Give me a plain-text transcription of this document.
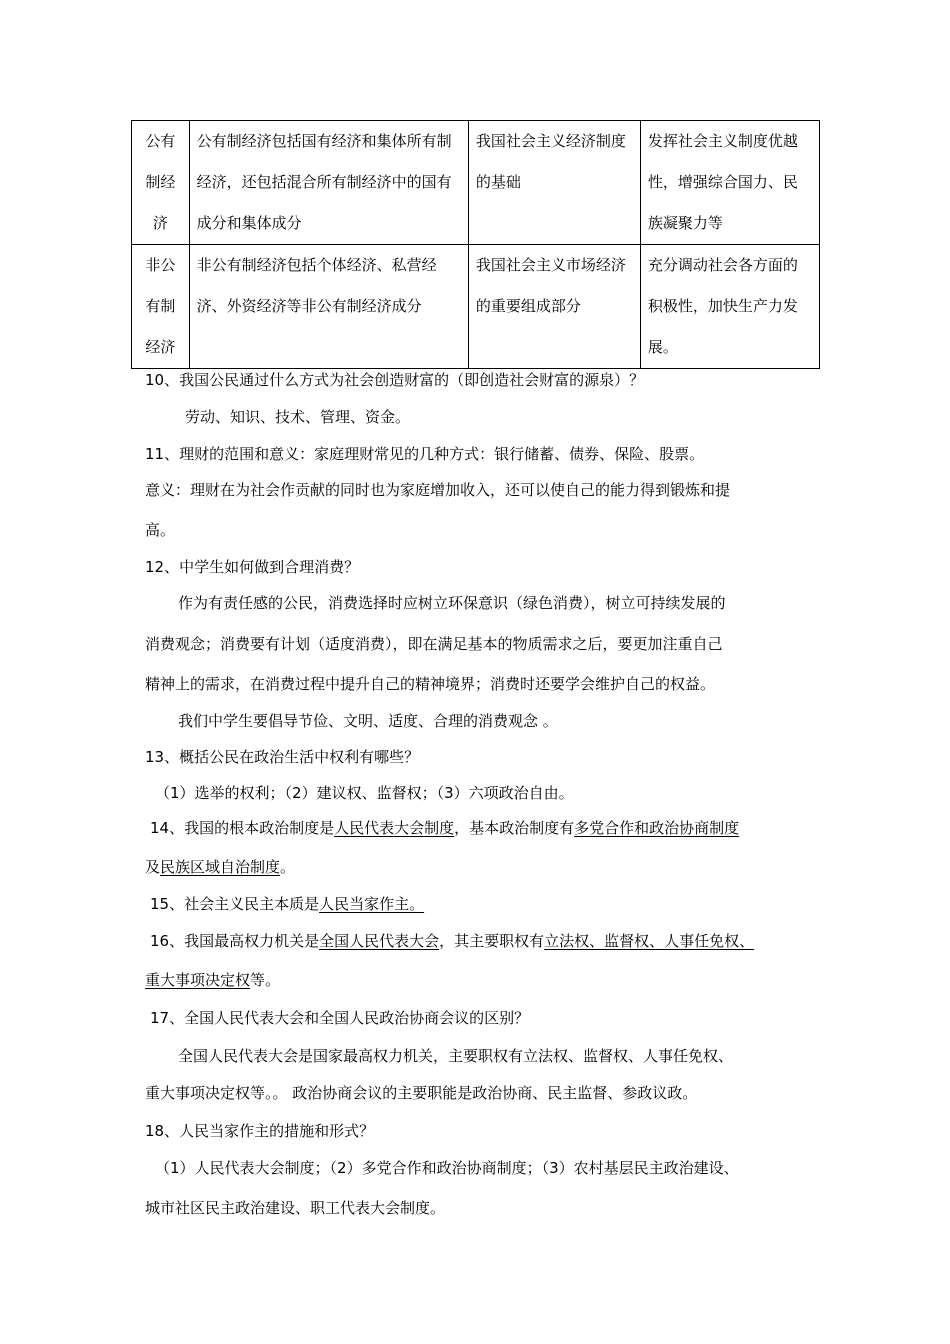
公有制经济	公有制经济包括国有经济和集体所有制经济，还包括混合所有制经济中的国有成分和集体成分	我国社会主义经济制度的基础	发挥社会主义制度优越性，增强综合国力、民族凝聚力等
非公有制经济	非公有制经济包括个体经济、私营经济、外资经济等非公有制经济成分	我国社会主义市场经济的重要组成部分	充分调动社会各方面的积极性，加快生产力发展。
10、我国公民通过什么方式为社会创造财富的（即创造社会财富的源泉）？
劳动、知识、技术、管理、资金。
11、理财的范围和意义：家庭理财常见的几种方式：银行储蓄、债券、保险、股票。
意义：理财在为社会作贡献的同时也为家庭增加收入，还可以使自己的能力得到锻炼和提
高。
12、中学生如何做到合理消费？
作为有责任感的公民，消费选择时应树立环保意识（绿色消费），树立可持续发展的
消费观念；消费要有计划（适度消费），即在满足基本的物质需求之后，要更加注重自己
精神上的需求，在消费过程中提升自己的精神境界；消费时还要学会维护自己的权益。
我们中学生要倡导节俭、文明、适度、合理的消费观念 。
13、概括公民在政治生活中权利有哪些？
（1）选举的权利；（2）建议权、监督权；（3）六项政治自由。
14、我国的根本政治制度是人民代表大会制度，基本政治制度有多党合作和政治协商制度
及民族区域自治制度。
15、社会主义民主本质是人民当家作主。
16、我国最高权力机关是全国人民代表大会，其主要职权有立法权、监督权、人事任免权、
重大事项决定权等。
17、全国人民代表大会和全国人民政治协商会议的区别？
全国人民代表大会是国家最高权力机关，主要职权有立法权、监督权、人事任免权、
重大事项决定权等。。 政治协商会议的主要职能是政治协商、民主监督、参政议政。
18、人民当家作主的措施和形式？
（1）人民代表大会制度；（2）多党合作和政治协商制度；（3）农村基层民主政治建设、
城市社区民主政治建设、职工代表大会制度。
